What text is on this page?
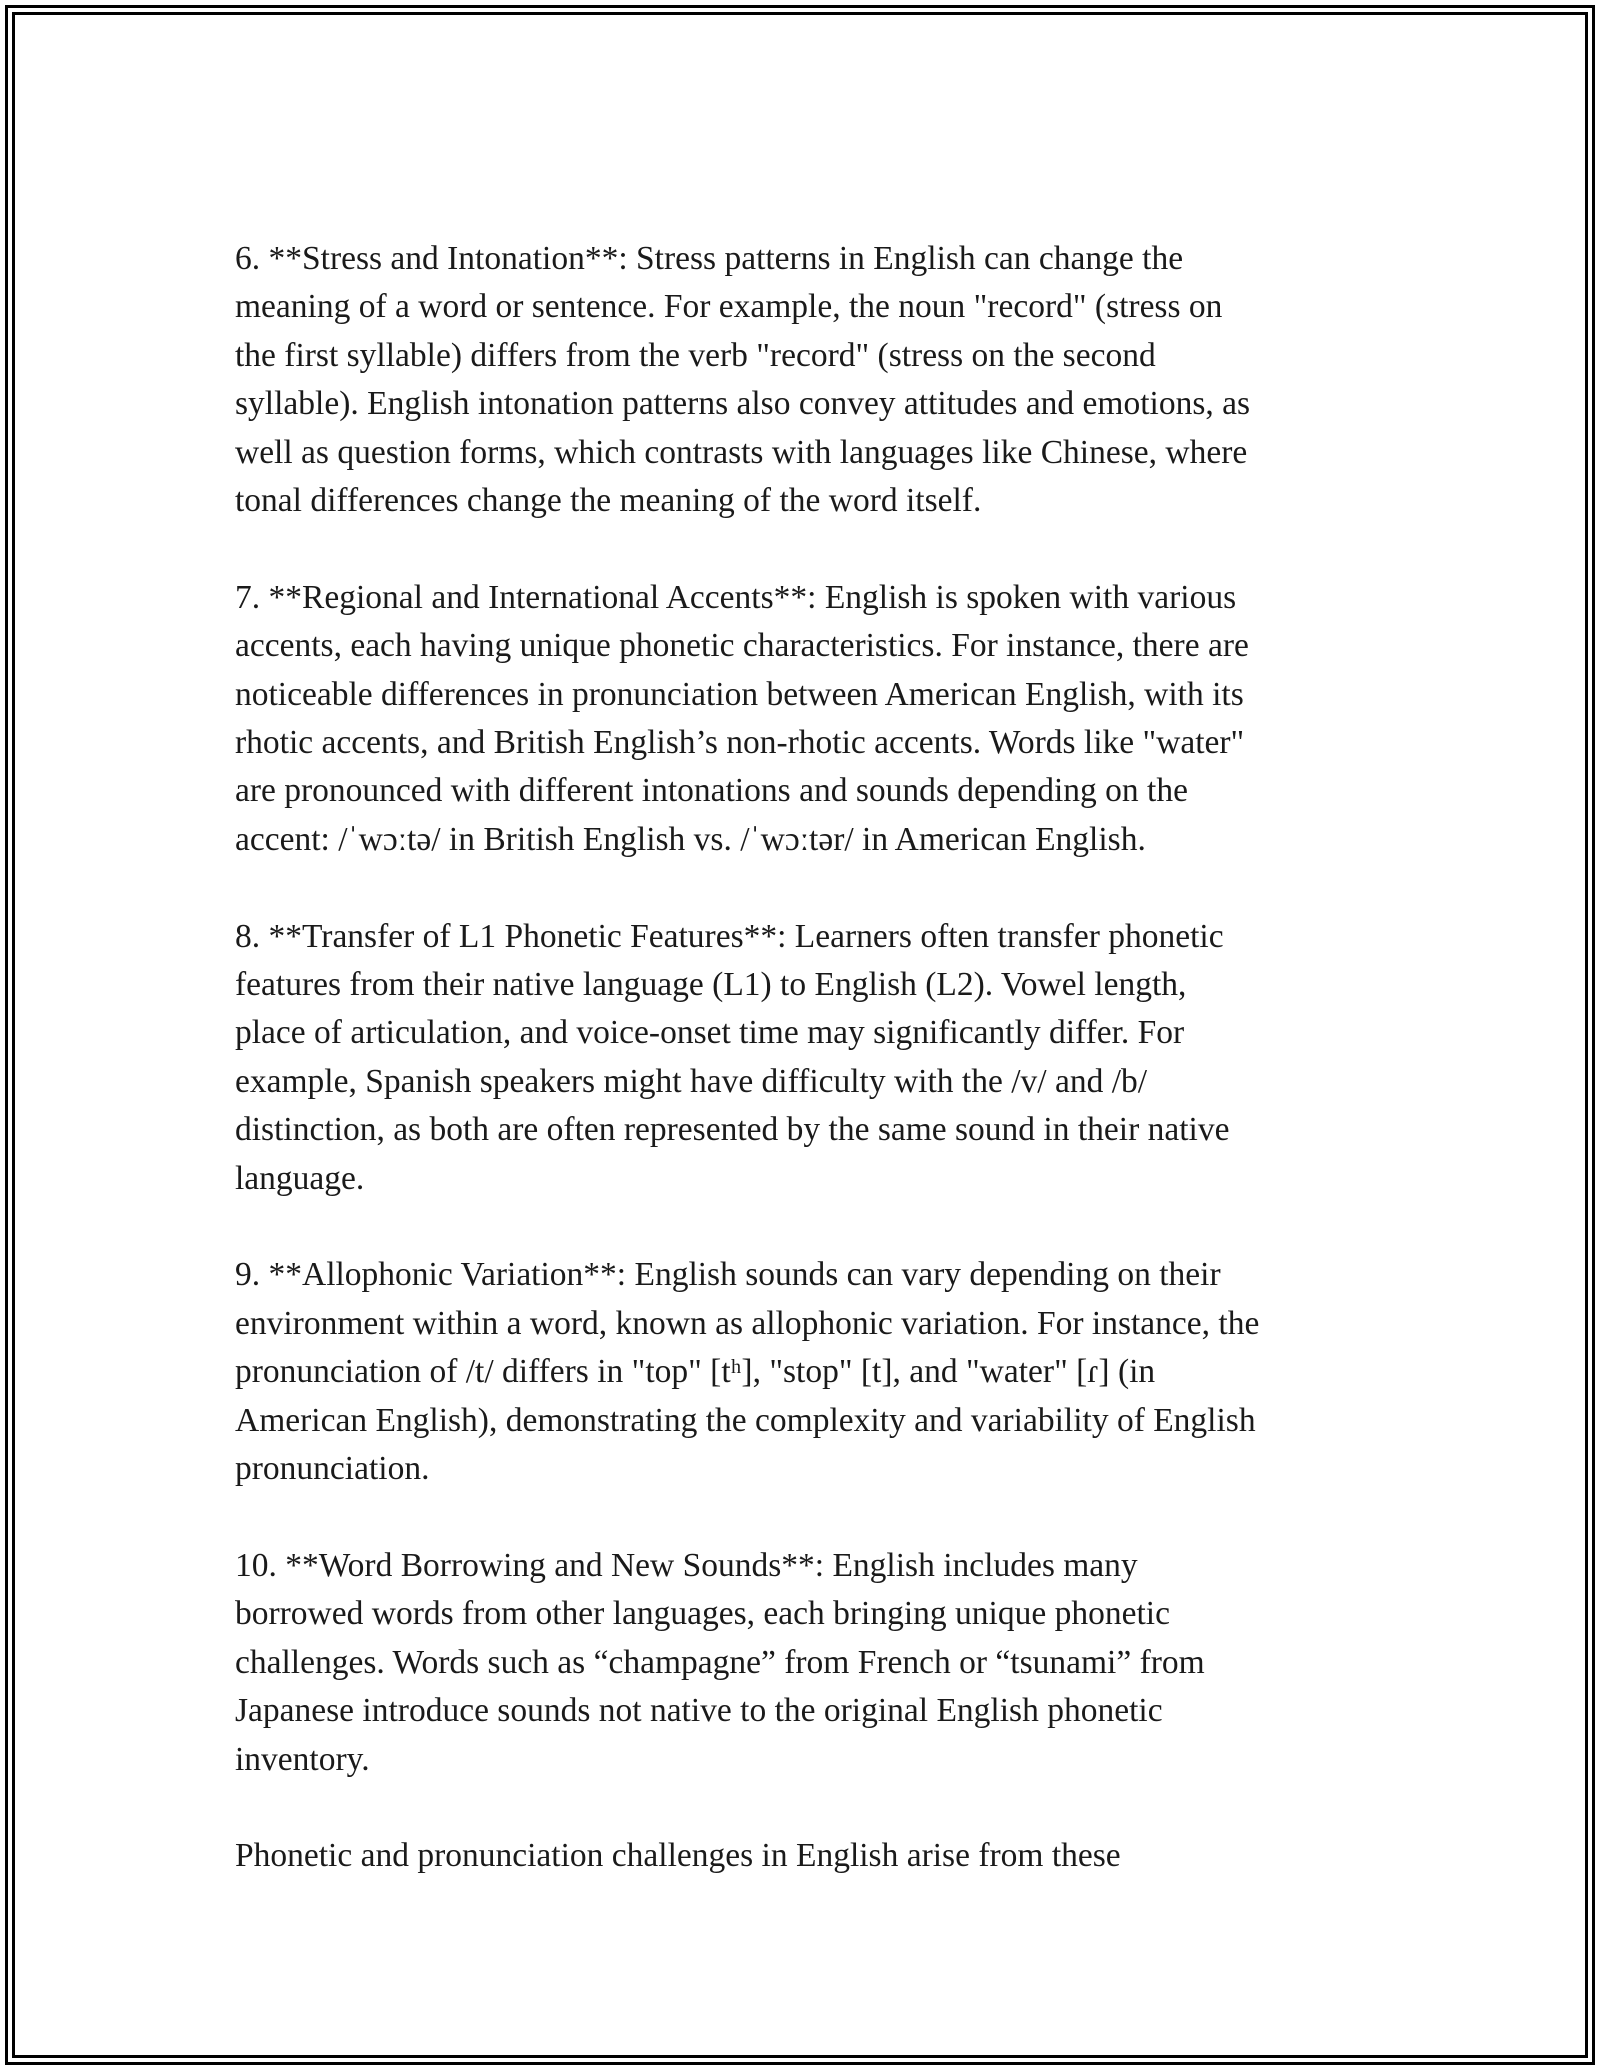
6. **Stress and Intonation**: Stress patterns in English can change the
meaning of a word or sentence. For example, the noun "record" (stress on
the first syllable) differs from the verb "record" (stress on the second
syllable). English intonation patterns also convey attitudes and emotions, as
well as question forms, which contrasts with languages like Chinese, where
tonal differences change the meaning of the word itself.

7. **Regional and International Accents**: English is spoken with various
accents, each having unique phonetic characteristics. For instance, there are
noticeable differences in pronunciation between American English, with its
rhotic accents, and British English’s non-rhotic accents. Words like "water"
are pronounced with different intonations and sounds depending on the
accent: /ˈwɔːtə/ in British English vs. /ˈwɔːtər/ in American English.

8. **Transfer of L1 Phonetic Features**: Learners often transfer phonetic
features from their native language (L1) to English (L2). Vowel length,
place of articulation, and voice-onset time may significantly differ. For
example, Spanish speakers might have difficulty with the /v/ and /b/
distinction, as both are often represented by the same sound in their native
language.

9. **Allophonic Variation**: English sounds can vary depending on their
environment within a word, known as allophonic variation. For instance, the
pronunciation of /t/ differs in "top" [tʰ], "stop" [t], and "water" [ɾ] (in
American English), demonstrating the complexity and variability of English
pronunciation.

10. **Word Borrowing and New Sounds**: English includes many
borrowed words from other languages, each bringing unique phonetic
challenges. Words such as “champagne” from French or “tsunami” from
Japanese introduce sounds not native to the original English phonetic
inventory.

Phonetic and pronunciation challenges in English arise from these
